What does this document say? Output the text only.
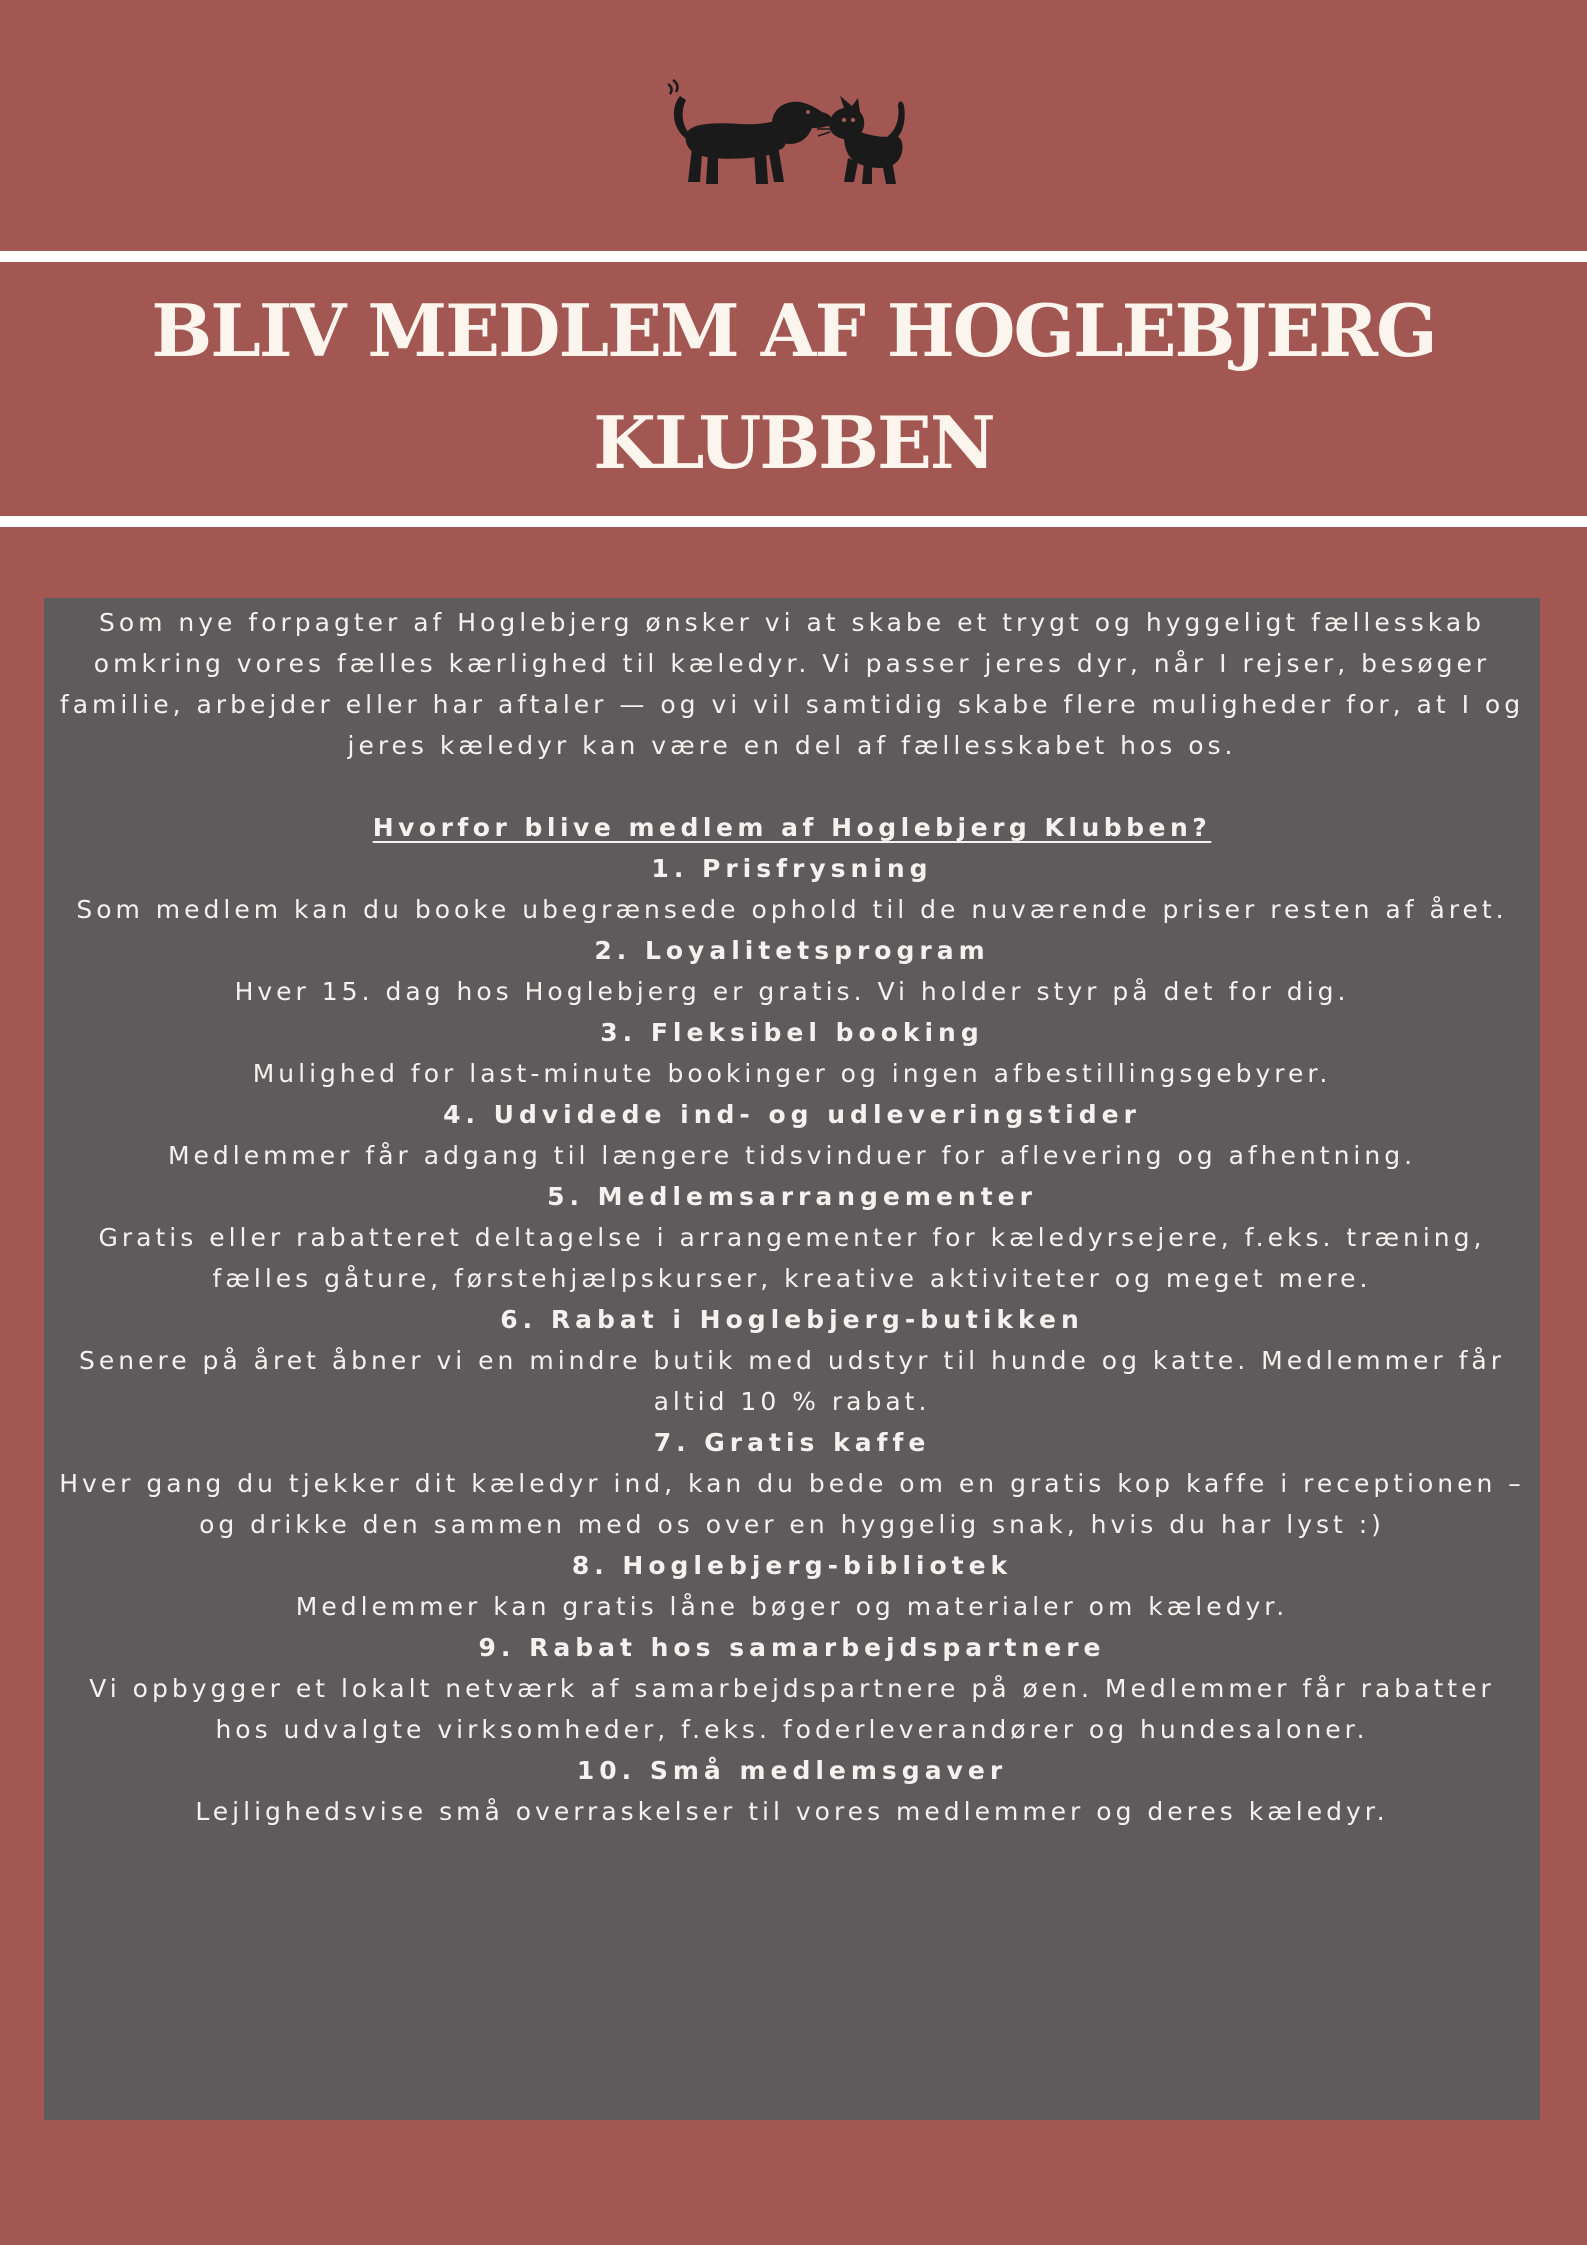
BLIV MEDLEM AF HOGLEBJERG
KLUBBEN

Som nye forpagter af Hoglebjerg ønsker vi at skabe et trygt og hyggeligt fællesskab omkring vores fælles kærlighed til kæledyr. Vi passer jeres dyr, når I rejser, besøger familie, arbejder eller har aftaler — og vi vil samtidig skabe flere muligheder for, at I og jeres kæledyr kan være en del af fællesskabet hos os.

Hvorfor blive medlem af Hoglebjerg Klubben?

1. Prisfrysning

Som medlem kan du booke ubegrænsede ophold til de nuværende priser resten af året.

2. Loyalitetsprogram

Hver 15. dag hos Hoglebjerg er gratis. Vi holder styr på det for dig.

3. Fleksibel booking

Mulighed for last-minute bookinger og ingen afbestillingsgebyrer.

4. Udvidede ind- og udleveringstider

Medlemmer får adgang til længere tidsvinduer for aflevering og afhentning.

5. Medlemsarrangementer

Gratis eller rabatteret deltagelse i arrangementer for kæledyrsejere, f.eks. træning, fælles gåture, førstehjælpskurser, kreative aktiviteter og meget mere.

6. Rabat i Hoglebjerg-butikken

Senere på året åbner vi en mindre butik med udstyr til hunde og katte. Medlemmer får altid 10 % rabat.

7. Gratis kaffe

Hver gang du tjekker dit kæledyr ind, kan du bede om en gratis kop kaffe i receptionen – og drikke den sammen med os over en hyggelig snak, hvis du har lyst :)

8. Hoglebjerg-bibliotek

Medlemmer kan gratis låne bøger og materialer om kæledyr.

9. Rabat hos samarbejdspartnere

Vi opbygger et lokalt netværk af samarbejdspartnere på øen. Medlemmer får rabatter hos udvalgte virksomheder, f.eks. foderleverandører og hundesaloner.

10. Små medlemsgaver

Lejlighedsvise små overraskelser til vores medlemmer og deres kæledyr.
